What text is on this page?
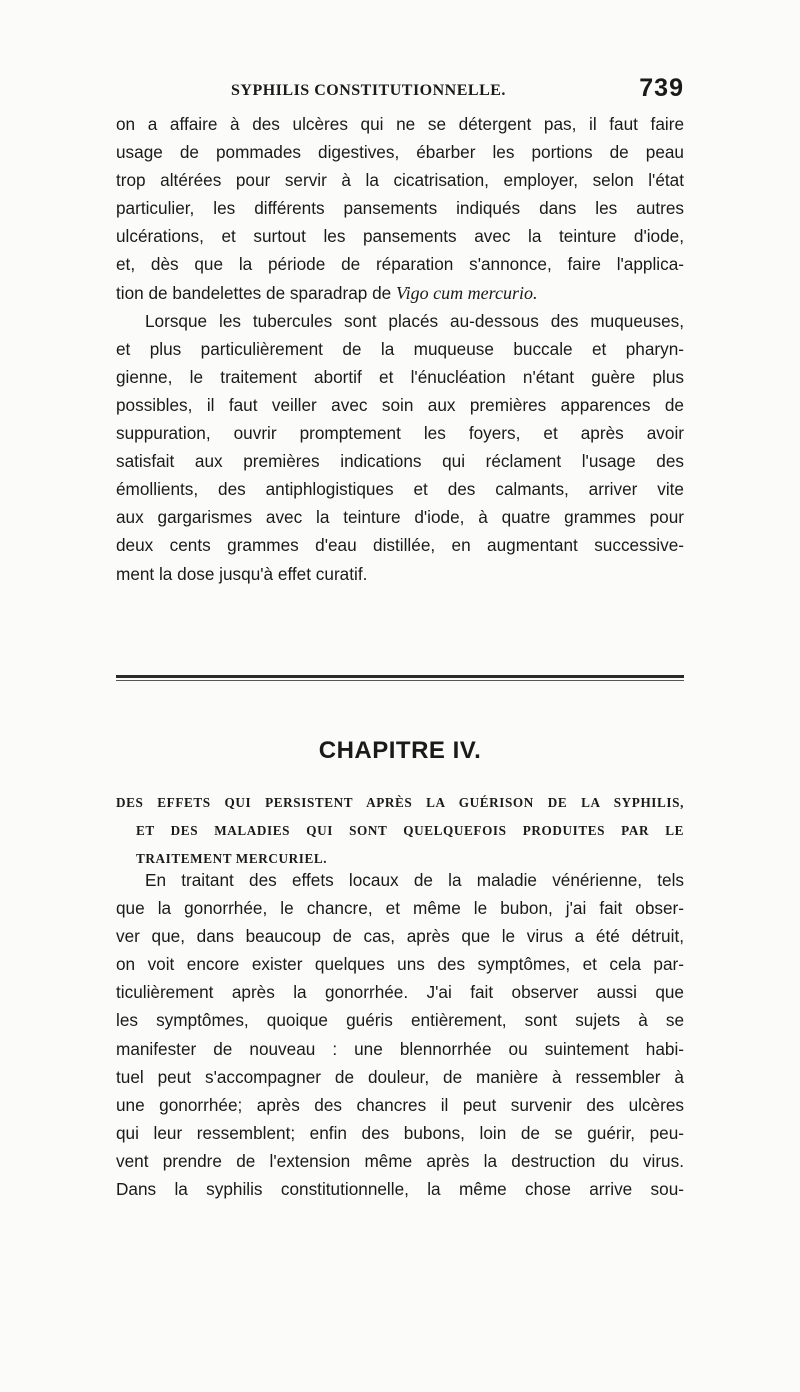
SYPHILIS CONSTITUTIONNELLE.	739

on a affaire à des ulcères qui ne se détergent pas, il faut faire
usage de pommades digestives, ébarber les portions de peau
trop altérées pour servir à la cicatrisation, employer, selon l'état
particulier, les différents pansements indiqués dans les autres
ulcérations, et surtout les pansements avec la teinture d'iode,
et, dès que la période de réparation s'annonce, faire l'applica-
tion de bandelettes de sparadrap de Vigo cum mercurio.

Lorsque les tubercules sont placés au-dessous des muqueuses,
et plus particulièrement de la muqueuse buccale et pharyn-
gienne, le traitement abortif et l'énucléation n'étant guère plus
possibles, il faut veiller avec soin aux premières apparences de
suppuration, ouvrir promptement les foyers, et après avoir
satisfait aux premières indications qui réclament l'usage des
émollients, des antiphlogistiques et des calmants, arriver vite
aux gargarismes avec la teinture d'iode, à quatre grammes pour
deux cents grammes d'eau distillée, en augmentant successive-
ment la dose jusqu'à effet curatif.

CHAPITRE IV.
DES EFFETS QUI PERSISTENT APRÈS LA GUÉRISON DE LA SYPHILIS,
ET DES MALADIES QUI SONT QUELQUEFOIS PRODUITES PAR LE
TRAITEMENT MERCURIEL.

En traitant des effets locaux de la maladie vénérienne, tels
que la gonorrhée, le chancre, et même le bubon, j'ai fait obser-
ver que, dans beaucoup de cas, après que le virus a été détruit,
on voit encore exister quelques uns des symptômes, et cela par-
ticulièrement après la gonorrhée. J'ai fait observer aussi que
les symptômes, quoique guéris entièrement, sont sujets à se
manifester de nouveau : une blennorrhée ou suintement habi-
tuel peut s'accompagner de douleur, de manière à ressembler à
une gonorrhée; après des chancres il peut survenir des ulcères
qui leur ressemblent; enfin des bubons, loin de se guérir, peu-
vent prendre de l'extension même après la destruction du virus.
Dans la syphilis constitutionnelle, la même chose arrive sou-
